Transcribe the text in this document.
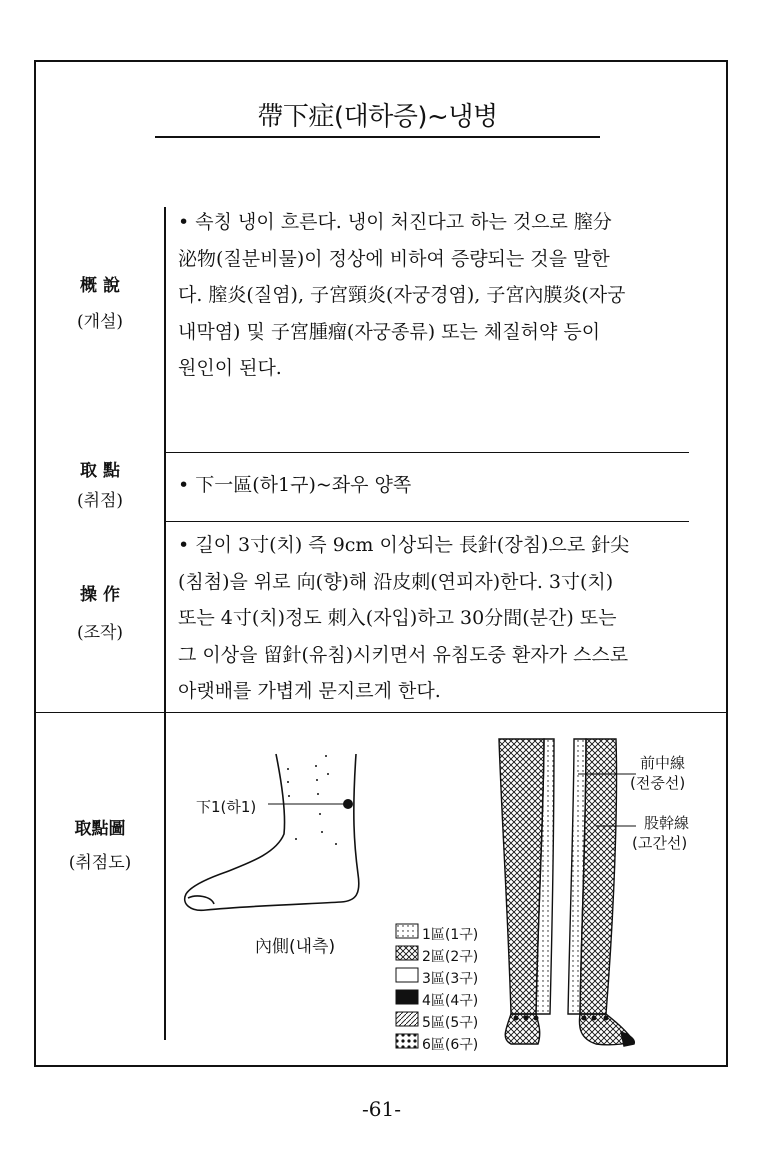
帶下症(대하증)~냉병
概 說
(개설)
• 속칭 냉이 흐른다. 냉이 처진다고 하는 것으로 膣分
泌物(질분비물)이 정상에 비하여 증량되는 것을 말한
다. 膣炎(질염), 子宮頸炎(자궁경염), 子宮內膜炎(자궁
내막염) 및 子宮腫瘤(자궁종류) 또는 체질허약 등이
원인이 된다.
取 點
(취점)
• 下一區(하1구)~좌우 양쪽
操 作
(조작)
• 길이 3寸(치) 즉 9cm 이상되는 長針(장침)으로 針尖
(침첨)을 위로 向(향)해 沿皮刺(연피자)한다. 3寸(치)
또는 4寸(치)정도 刺入(자입)하고 30分間(분간) 또는
그 이상을 留針(유침)시키면서 유침도중 환자가 스스로
아랫배를 가볍게 문지르게 한다.
取點圖
(취점도)
下1(하1)
內側(내측)
前中線
(전중선)
股幹線
(고간선)
1區(1구)
2區(2구)
3區(3구)
4區(4구)
5區(5구)
6區(6구)
-61-
